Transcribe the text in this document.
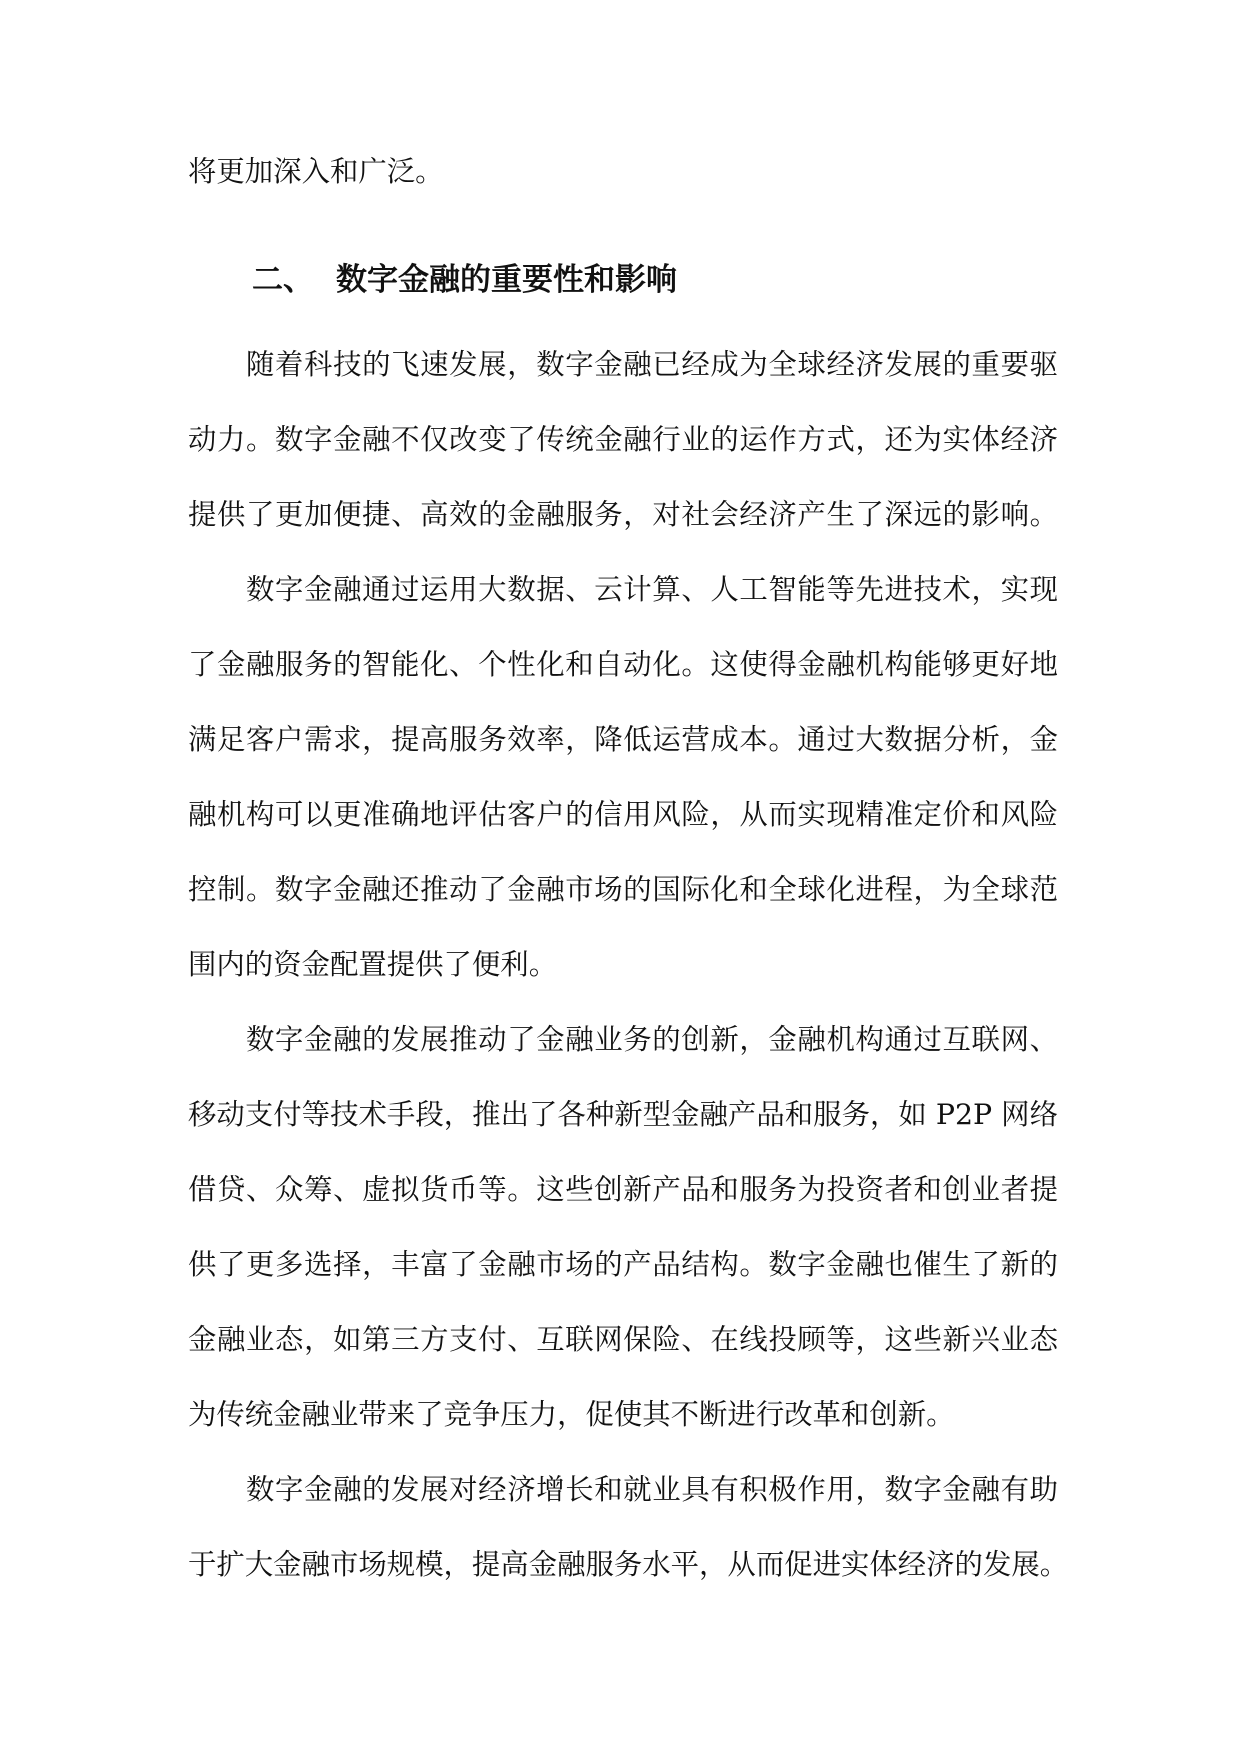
将更加深入和广泛。
二、 数字金融的重要性和影响
随着科技的飞速发展，数字金融已经成为全球经济发展的重要驱
动力。数字金融不仅改变了传统金融行业的运作方式，还为实体经济
提供了更加便捷、高效的金融服务，对社会经济产生了深远的影响。
数字金融通过运用大数据、云计算、人工智能等先进技术，实现
了金融服务的智能化、个性化和自动化。这使得金融机构能够更好地
满足客户需求，提高服务效率，降低运营成本。通过大数据分析，金
融机构可以更准确地评估客户的信用风险，从而实现精准定价和风险
控制。数字金融还推动了金融市场的国际化和全球化进程，为全球范
围内的资金配置提供了便利。
数字金融的发展推动了金融业务的创新，金融机构通过互联网、
移动支付等技术手段，推出了各种新型金融产品和服务，如 P2P 网络
借贷、众筹、虚拟货币等。这些创新产品和服务为投资者和创业者提
供了更多选择，丰富了金融市场的产品结构。数字金融也催生了新的
金融业态，如第三方支付、互联网保险、在线投顾等，这些新兴业态
为传统金融业带来了竞争压力，促使其不断进行改革和创新。
数字金融的发展对经济增长和就业具有积极作用，数字金融有助
于扩大金融市场规模，提高金融服务水平，从而促进实体经济的发展。
